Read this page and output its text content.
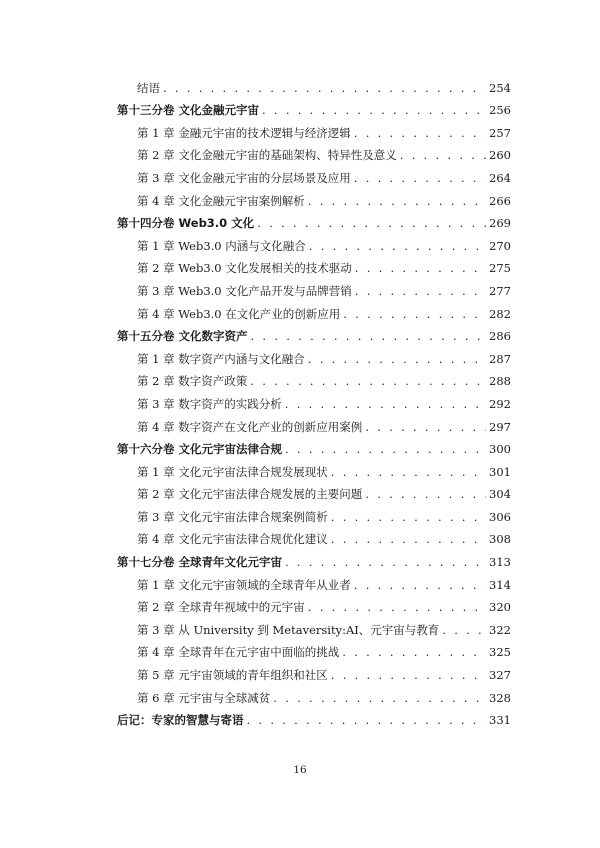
结语 . . .	254
第十三分卷 文化金融元宇宙 . . .	256
第 1 章 金融元宇宙的技术逻辑与经济逻辑 . . .	257
第 2 章 文化金融元宇宙的基础架构、特异性及意义 . . .	260
第 3 章 文化金融元宇宙的分层场景及应用 . . .	264
第 4 章 文化金融元宇宙案例解析 . . .	266
第十四分卷 Web3.0 文化 . . .	269
第 1 章 Web3.0 内涵与文化融合 . . .	270
第 2 章 Web3.0 文化发展相关的技术驱动 . . .	275
第 3 章 Web3.0 文化产品开发与品牌营销 . . .	277
第 4 章 Web3.0 在文化产业的创新应用 . . .	282
第十五分卷 文化数字资产 . . .	286
第 1 章 数字资产内涵与文化融合 . . .	287
第 2 章 数字资产政策 . . .	288
第 3 章 数字资产的实践分析 . . .	292
第 4 章 数字资产在文化产业的创新应用案例 . . .	297
第十六分卷 文化元宇宙法律合规 . . .	300
第 1 章 文化元宇宙法律合规发展现状 . . .	301
第 2 章 文化元宇宙法律合规发展的主要问题 . . .	304
第 3 章 文化元宇宙法律合规案例简析 . . .	306
第 4 章 文化元宇宙法律合规优化建议 . . .	308
第十七分卷 全球青年文化元宇宙 . . .	313
第 1 章 文化元宇宙领域的全球青年从业者 . . .	314
第 2 章 全球青年视域中的元宇宙 . . .	320
第 3 章 从 University 到 Metaversity:AI、元宇宙与教育 . . .	322
第 4 章 全球青年在元宇宙中面临的挑战 . . .	325
第 5 章 元宇宙领域的青年组织和社区 . . .	327
第 6 章 元宇宙与全球减贫 . . .	328
后记：专家的智慧与寄语 . . .	331
16
